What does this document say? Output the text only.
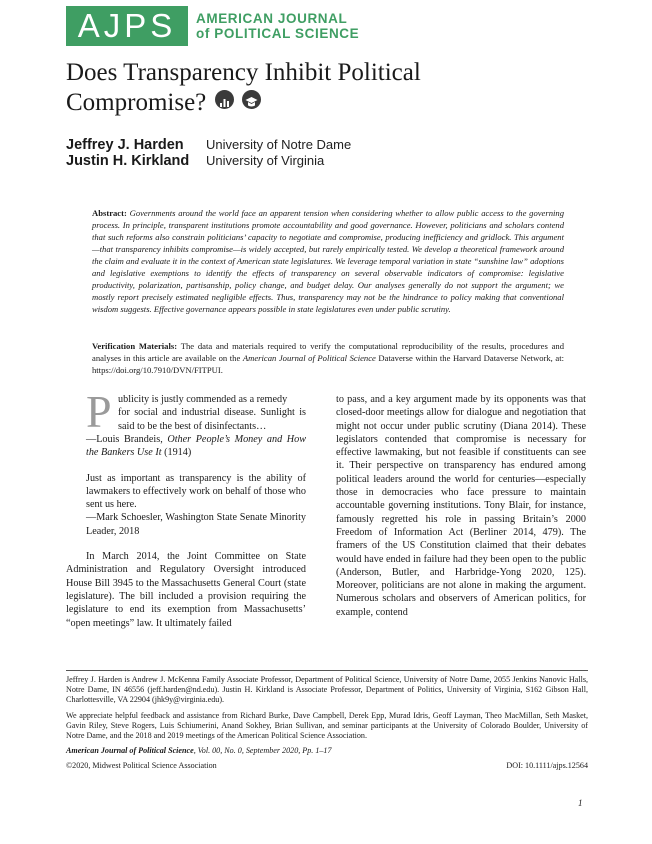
AJPS	AMERICAN JOURNAL
of POLITICAL SCIENCE
Does Transparency Inhibit Political
Compromise?
Jeffrey J. Harden	University of Notre Dame
Justin H. Kirkland	University of Virginia
Abstract: Governments around the world face an apparent tension when considering whether to allow public access to the governing process. In principle, transparent institutions promote accountability and good governance. However, politicians and scholars contend that such reforms also constrain politicians’ capacity to negotiate and compromise, producing inefficiency and gridlock. This argument—that transparency inhibits compromise—is widely accepted, but rarely empirically tested. We develop a theoretical framework around the claim and evaluate it in the context of American state legislatures. We leverage temporal variation in state “sunshine law” adoptions and legislative exemptions to identify the effects of transparency on several observable indicators of compromise: legislative productivity, polarization, partisanship, policy change, and budget delay. Our analyses generally do not support the argument; we mostly report precisely estimated negligible effects. Thus, transparency may not be the hindrance to policy making that conventional wisdom suggests. Effective governance appears possible in state legislatures even under public scrutiny.
Verification Materials: The data and materials required to verify the computational reproducibility of the results, procedures and analyses in this article are available on the American Journal of Political Science Dataverse within the Harvard Dataverse Network, at: https://doi.org/10.7910/DVN/FITPUI.
P ublicity is justly commended as a remedy
for social and industrial disease. Sunlight is said to be the best of disinfectants…
—Louis Brandeis, Other People’s Money and How the Bankers Use It (1914)
Just as important as transparency is the ability of lawmakers to effectively work on behalf of those who sent us here.
—Mark Schoesler, Washington State Senate Minority Leader, 2018

In March 2014, the Joint Committee on State Administration and Regulatory Oversight introduced House Bill 3945 to the Massachusetts General Court (state legislature). The bill included a provision requiring the legislature to end its exemption from Massachusetts’ “open meetings” law. It ultimately failed

to pass, and a key argument made by its opponents was that closed-door meetings allow for dialogue and negotiation that might not occur under public scrutiny (Diana 2014). These legislators contended that compromise is necessary for effective lawmaking, but not feasible if constituents can see it. Their perspective on transparency has endured among political leaders around the world for centuries—especially those in democracies who face pressure to maintain accountable governing institutions. Tony Blair, for instance, famously regretted his role in passing Britain’s 2000 Freedom of Information Act (Berliner 2014, 479). The framers of the US Constitution claimed that their debates would have ended in failure had they been open to the public (Anderson, Butler, and Harbridge-Yong 2020, 125). Moreover, politicians are not alone in making the argument. Numerous scholars and observers of American politics, for example, contend

Jeffrey J. Harden is Andrew J. McKenna Family Associate Professor, Department of Political Science, University of Notre Dame, 2055 Jenkins Nanovic Halls, Notre Dame, IN 46556 (jeff.harden@nd.edu). Justin H. Kirkland is Associate Professor, Department of Politics, University of Virginia, S162 Gibson Hall, Charlottesville, VA 22904 (jhk9y@virginia.edu).

We appreciate helpful feedback and assistance from Richard Burke, Dave Campbell, Derek Epp, Murad Idris, Geoff Layman, Theo MacMillan, Seth Masket, Gavin Riley, Steve Rogers, Luis Schiumerini, Anand Sokhey, Brian Sullivan, and seminar participants at the University of Colorado Boulder, University of Notre Dame, and the 2018 and 2019 meetings of the American Political Science Association.

American Journal of Political Science, Vol. 00, No. 0, September 2020, Pp. 1–17

©2020, Midwest Political Science Association	DOI: 10.1111/ajps.12564
1
